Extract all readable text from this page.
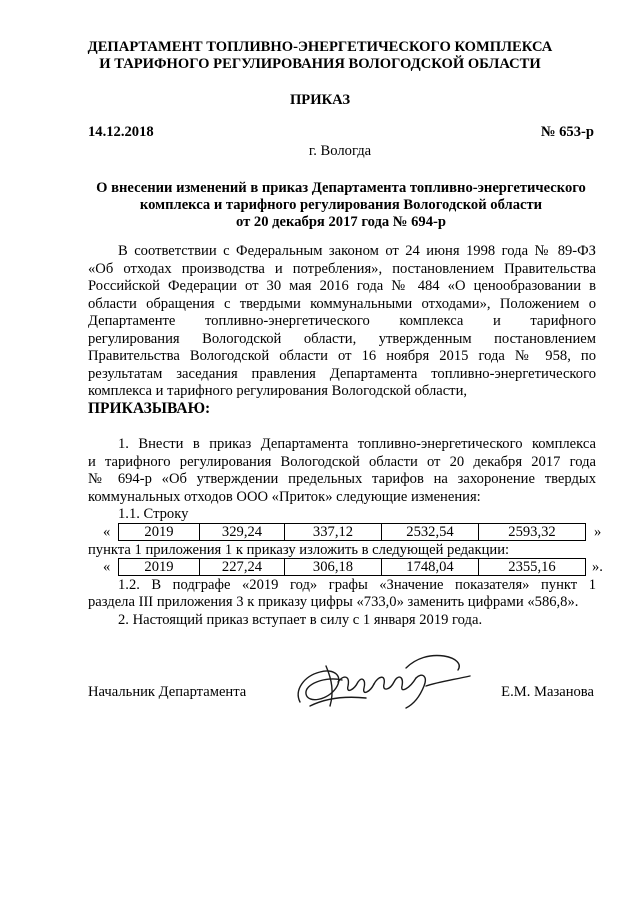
ДЕПАРТАМЕНТ ТОПЛИВНО-ЭНЕРГЕТИЧЕСКОГО КОМПЛЕКСА
И ТАРИФНОГО РЕГУЛИРОВАНИЯ ВОЛОГОДСКОЙ ОБЛАСТИ
ПРИКАЗ
14.12.2018	№ 653-р
г. Вологда
О внесении изменений в приказ Департамента топливно-энергетического
комплекса и тарифного регулирования Вологодской области
от 20 декабря 2017 года № 694-р
В соответствии с Федеральным законом от 24 июня 1998 года № 89-ФЗ
«Об отходах производства и потребления», постановлением Правительства
Российской Федерации от 30 мая 2016 года № 484 «О ценообразовании в
области обращения с твердыми коммунальными отходами», Положением о
Департаменте топливно-энергетического комплекса и тарифного
регулирования Вологодской области, утвержденным постановлением
Правительства Вологодской области от 16 ноября 2015 года № 958, по
результатам заседания правления Департамента топливно-энергетического
комплекса и тарифного регулирования Вологодской области,
ПРИКАЗЫВАЮ:
1. Внести в приказ Департамента топливно-энергетического комплекса
и тарифного регулирования Вологодской области от 20 декабря 2017 года
№ 694-р «Об утверждении предельных тарифов на захоронение твердых
коммунальных отходов ООО «Приток» следующие изменения:
1.1. Строку
« 2019	329,24	337,12	2532,54	2593,32	»
пункта 1 приложения 1 к приказу изложить в следующей редакции:
« 2019	227,24	306,18	1748,04	2355,16 ».
1.2. В подграфе «2019 год» графы «Значение показателя» пункт 1
раздела III приложения 3 к приказу цифры «733,0» заменить цифрами «586,8».
2. Настоящий приказ вступает в силу с 1 января 2019 года.
Начальник Департамента	Е.М. Мазанова
